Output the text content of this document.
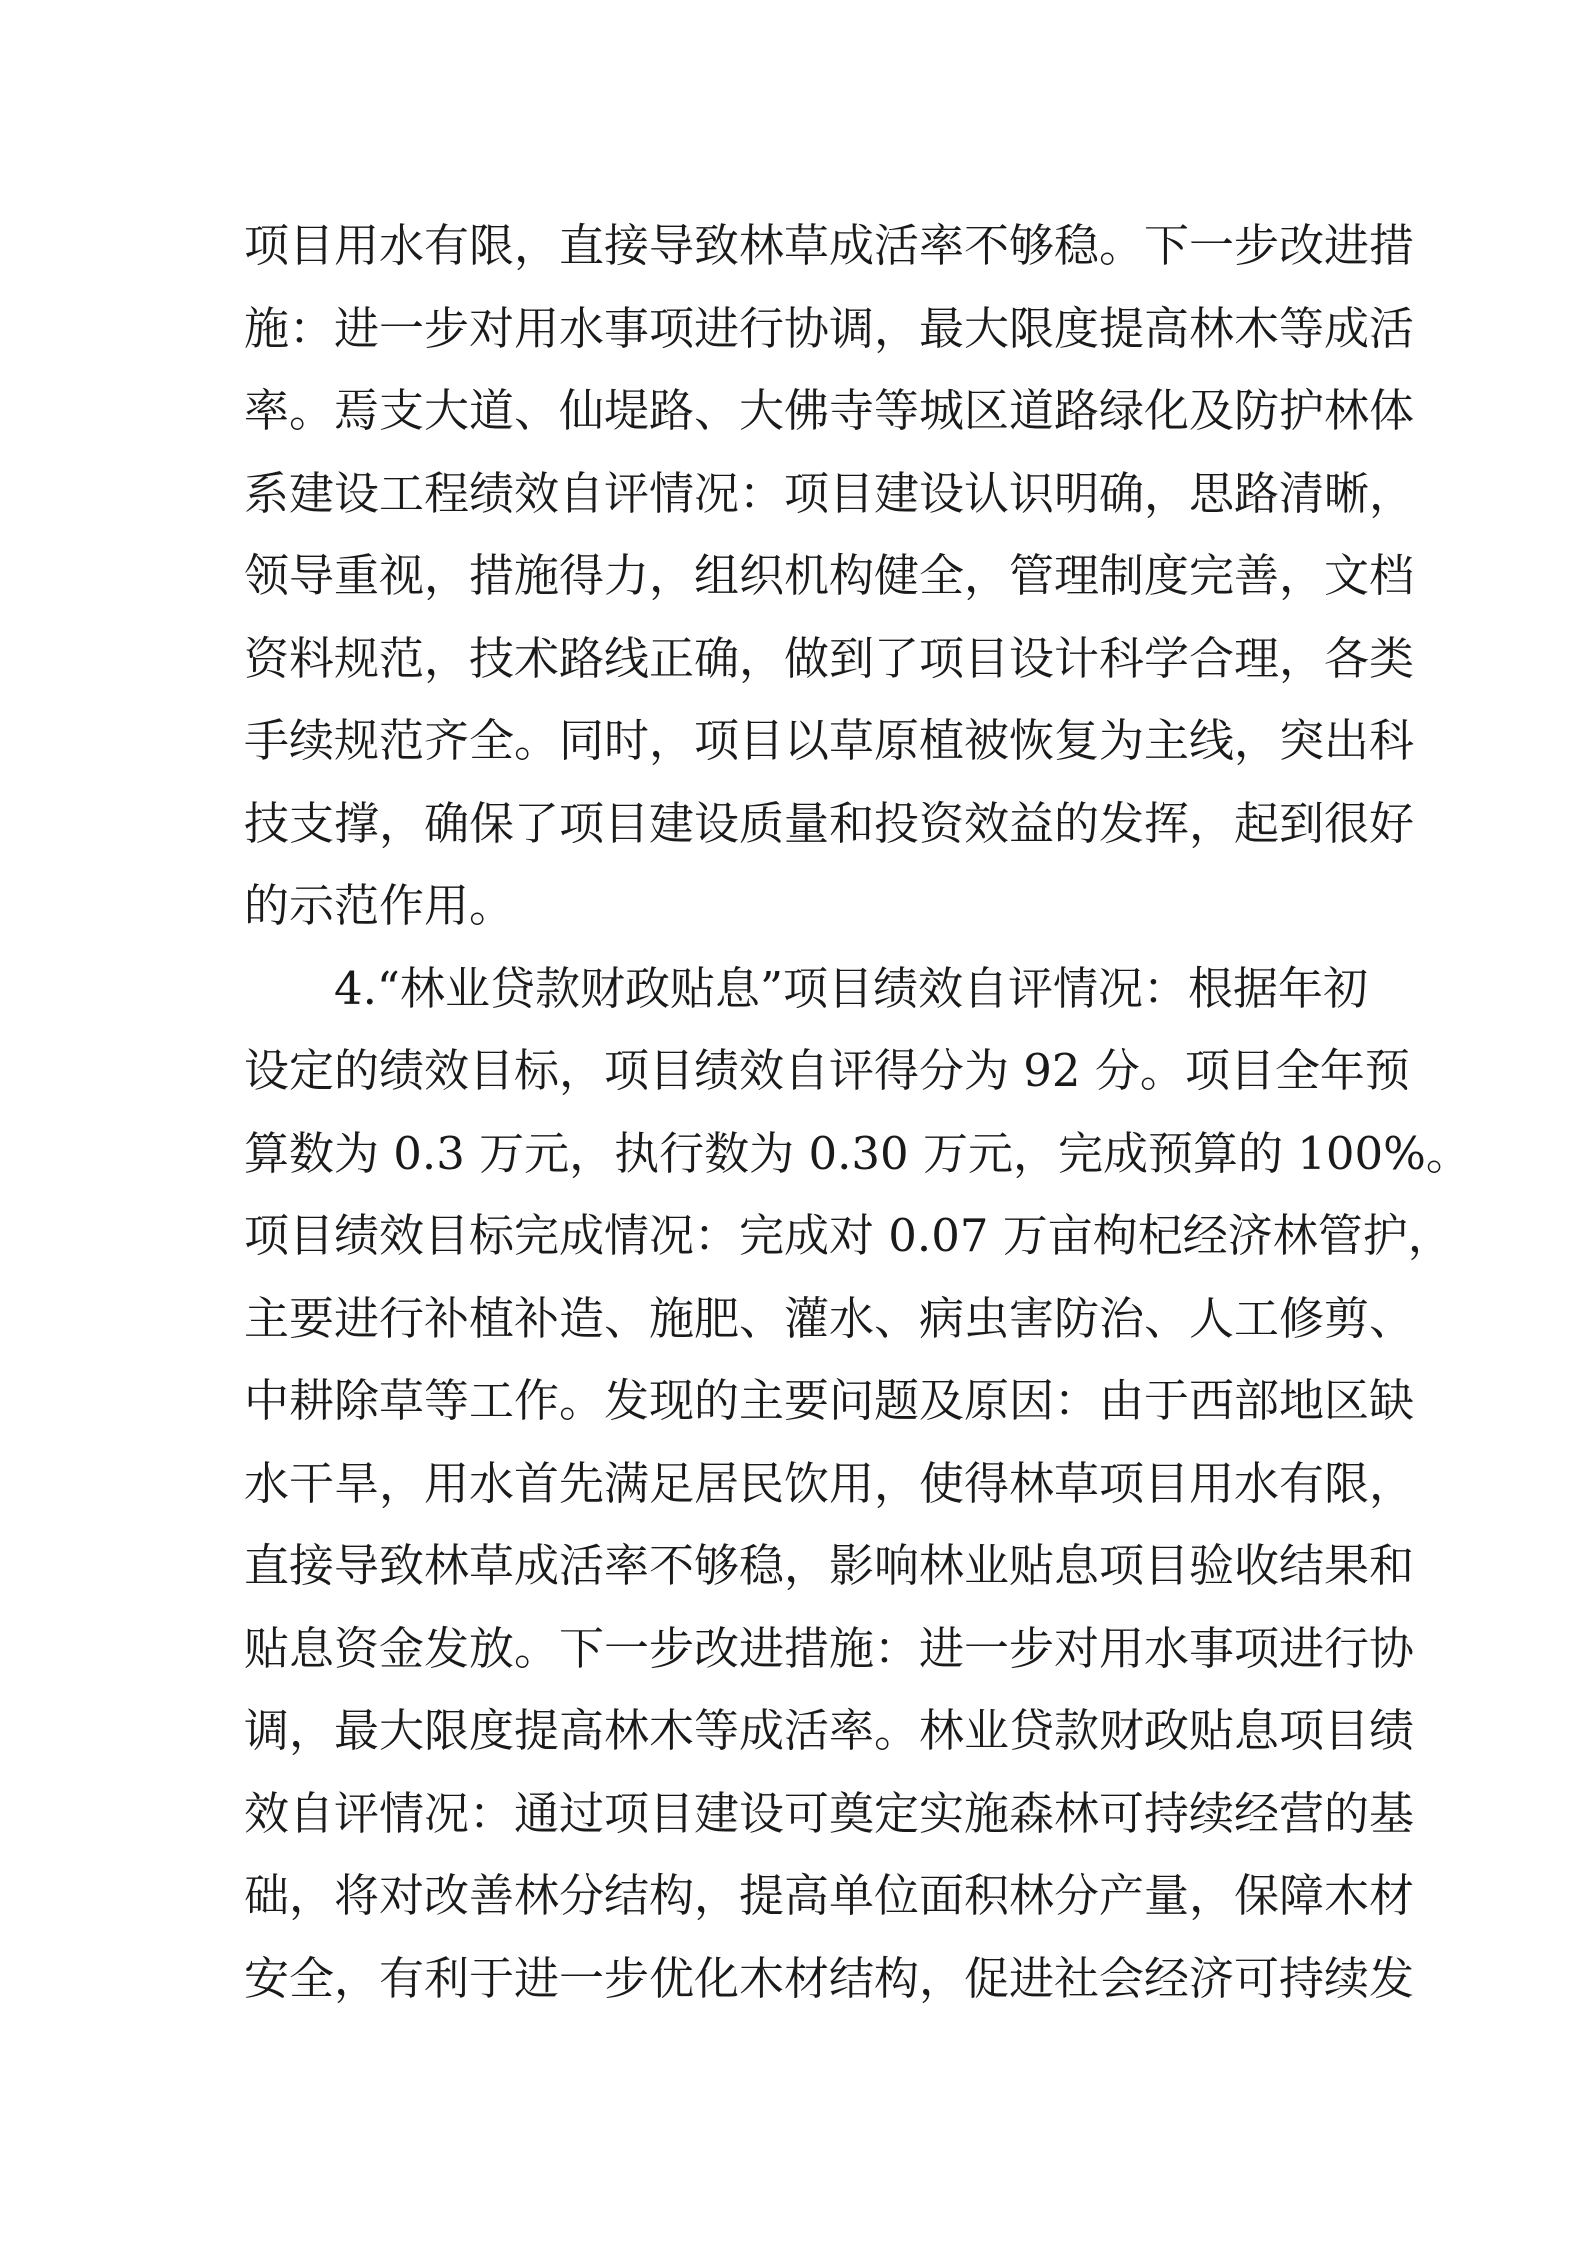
项目用水有限，直接导致林草成活率不够稳。下一步改进措
施：进一步对用水事项进行协调，最大限度提高林木等成活
率。焉支大道、仙堤路、大佛寺等城区道路绿化及防护林体
系建设工程绩效自评情况：项目建设认识明确，思路清晰，
领导重视，措施得力，组织机构健全，管理制度完善，文档
资料规范，技术路线正确，做到了项目设计科学合理，各类
手续规范齐全。同时，项目以草原植被恢复为主线，突出科
技支撑，确保了项目建设质量和投资效益的发挥，起到很好
的示范作用。
4.“林业贷款财政贴息”项目绩效自评情况：根据年初
设定的绩效目标，项目绩效自评得分为 92 分。项目全年预
算数为 0.3 万元，执行数为 0.30 万元，完成预算的 100%。
项目绩效目标完成情况：完成对 0.07 万亩枸杞经济林管护，
主要进行补植补造、施肥、灌水、病虫害防治、人工修剪、
中耕除草等工作。发现的主要问题及原因：由于西部地区缺
水干旱，用水首先满足居民饮用，使得林草项目用水有限，
直接导致林草成活率不够稳，影响林业贴息项目验收结果和
贴息资金发放。下一步改进措施：进一步对用水事项进行协
调，最大限度提高林木等成活率。林业贷款财政贴息项目绩
效自评情况：通过项目建设可奠定实施森林可持续经营的基
础，将对改善林分结构，提高单位面积林分产量，保障木材
安全，有利于进一步优化木材结构，促进社会经济可持续发
